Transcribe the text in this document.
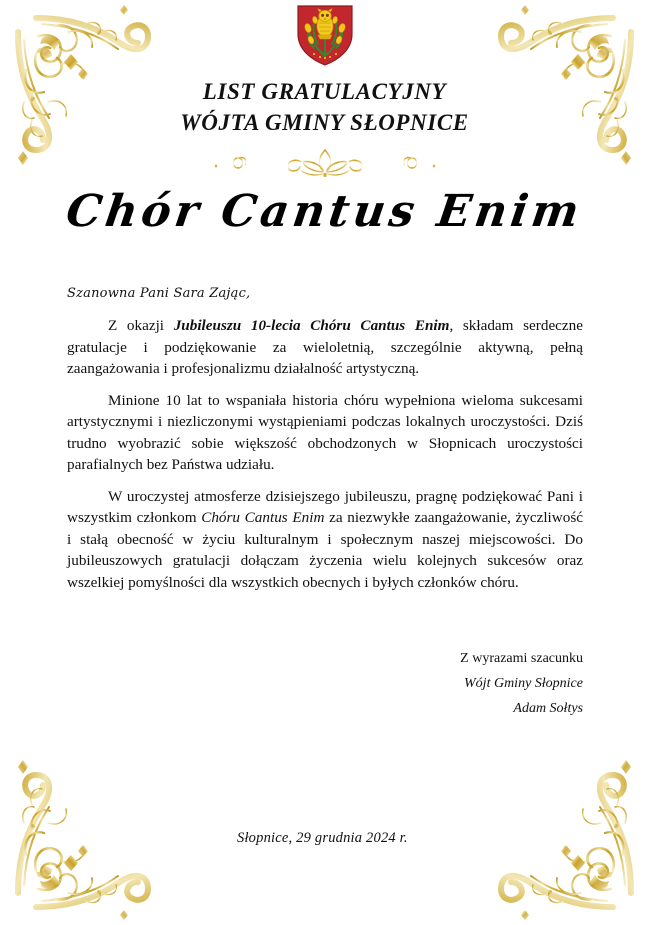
LIST GRATULACYJNY
WÓJTA GMINY SŁOPNICE
Chór Cantus Enim
Szanowna Pani Sara Zając,

Z okazji Jubileuszu 10-lecia Chóru Cantus Enim, składam serdeczne gratulacje i podziękowanie za wieloletnią, szczególnie aktywną, pełną zaangażowania i profesjonalizmu działalność artystyczną.

Minione 10 lat to wspaniała historia chóru wypełniona wieloma sukcesami artystycznymi i niezliczonymi wystąpieniami podczas lokalnych uroczystości. Dziś trudno wyobrazić sobie większość obchodzonych w Słopnicach uroczystości parafialnych bez Państwa udziału.

W uroczystej atmosferze dzisiejszego jubileuszu, pragnę podziękować Pani i wszystkim członkom Chóru Cantus Enim za niezwykłe zaangażowanie, życzliwość i stałą obecność w życiu kulturalnym i społecznym naszej miejscowości. Do jubileuszowych gratulacji dołączam życzenia wielu kolejnych sukcesów oraz wszelkiej pomyślności dla wszystkich obecnych i byłych członków chóru.

Z wyrazami szacunku
Wójt Gminy Słopnice
Adam Sołtys
Słopnice, 29 grudnia 2024 r.
